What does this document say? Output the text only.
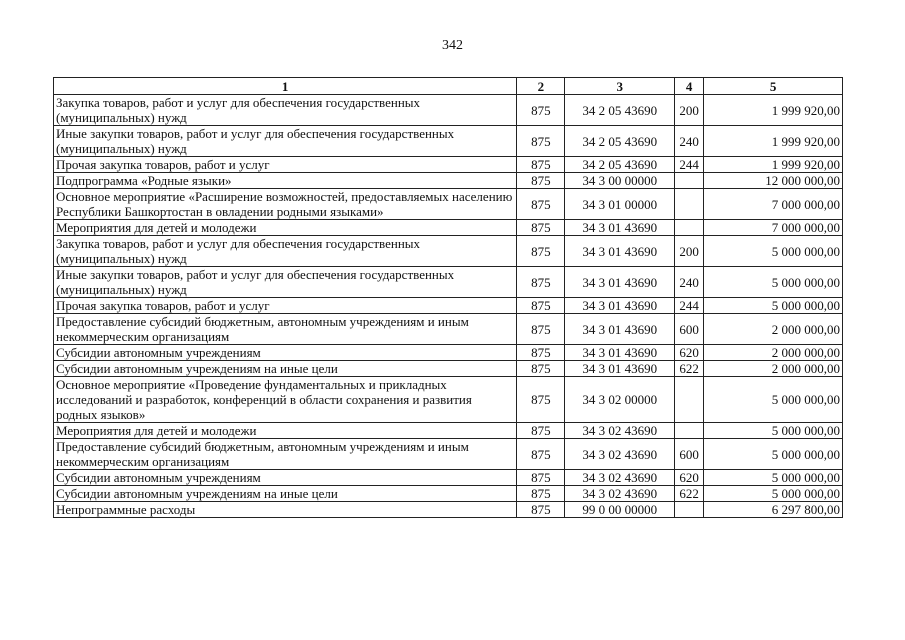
342
1	2	3	4	5
Закупка товаров, работ и услуг для обеспечения государственных (муниципальных) нужд	875	34 2 05 43690	200	1 999 920,00
Иные закупки товаров, работ и услуг для обеспечения государственных (муниципальных) нужд	875	34 2 05 43690	240	1 999 920,00
Прочая закупка товаров, работ и услуг	875	34 2 05 43690	244	1 999 920,00
Подпрограмма «Родные языки»	875	34 3 00 00000		12 000 000,00
Основное мероприятие «Расширение возможностей, предоставляемых населению Республики Башкортостан в овладении родными языками»	875	34 3 01 00000		7 000 000,00
Мероприятия для детей и молодежи	875	34 3 01 43690		7 000 000,00
Закупка товаров, работ и услуг для обеспечения государственных (муниципальных) нужд	875	34 3 01 43690	200	5 000 000,00
Иные закупки товаров, работ и услуг для обеспечения государственных (муниципальных) нужд	875	34 3 01 43690	240	5 000 000,00
Прочая закупка товаров, работ и услуг	875	34 3 01 43690	244	5 000 000,00
Предоставление субсидий бюджетным, автономным учреждениям и иным некоммерческим организациям	875	34 3 01 43690	600	2 000 000,00
Субсидии автономным учреждениям	875	34 3 01 43690	620	2 000 000,00
Субсидии автономным учреждениям на иные цели	875	34 3 01 43690	622	2 000 000,00
Основное мероприятие «Проведение фундаментальных и прикладных исследований и разработок, конференций в области сохранения и развития родных языков»	875	34 3 02 00000		5 000 000,00
Мероприятия для детей и молодежи	875	34 3 02 43690		5 000 000,00
Предоставление субсидий бюджетным, автономным учреждениям и иным некоммерческим организациям	875	34 3 02 43690	600	5 000 000,00
Субсидии автономным учреждениям	875	34 3 02 43690	620	5 000 000,00
Субсидии автономным учреждениям на иные цели	875	34 3 02 43690	622	5 000 000,00
Непрограммные расходы	875	99 0 00 00000		6 297 800,00
